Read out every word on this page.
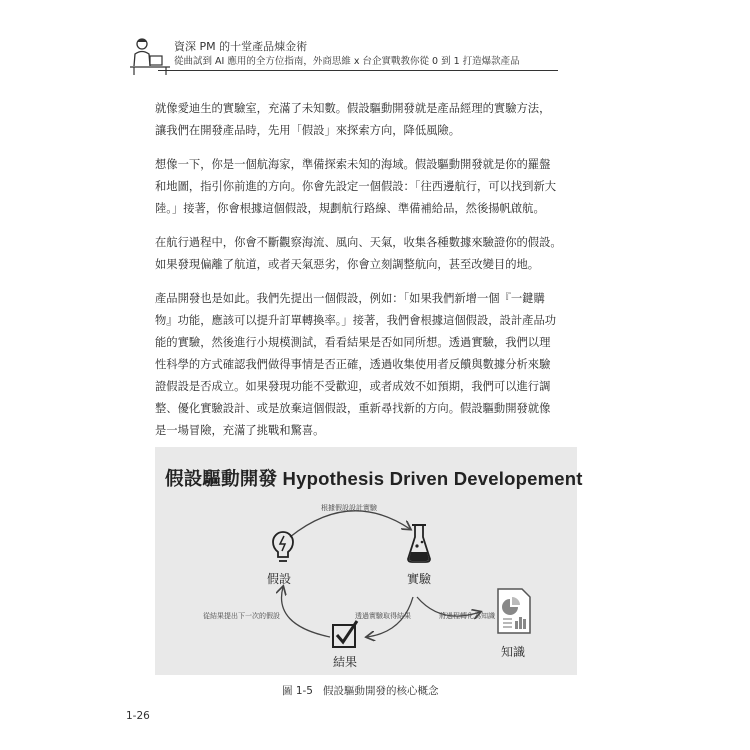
資深 PM 的十堂產品煉金術
從曲試到 AI 應用的全方位指南，外商思維 x 台企實戰教你從 0 到 1 打造爆款產品

就像愛迪生的實驗室，充滿了未知數。假設驅動開發就是產品經理的實驗方法，
讓我們在開發產品時，先用「假設」來探索方向，降低風險。

想像一下，你是一個航海家，準備探索未知的海域。假設驅動開發就是你的羅盤
和地圖，指引你前進的方向。你會先設定一個假設：「往西邊航行，可以找到新大
陸。」接著，你會根據這個假設，規劃航行路線、準備補給品，然後揚帆啟航。

在航行過程中，你會不斷觀察海流、風向、天氣，收集各種數據來驗證你的假設。
如果發現偏離了航道，或者天氣惡劣，你會立刻調整航向，甚至改變目的地。

產品開發也是如此。我們先提出一個假設，例如：「如果我們新增一個『一鍵購
物』功能，應該可以提升訂單轉換率。」接著，我們會根據這個假設，設計產品功
能的實驗，然後進行小規模測試，看看結果是否如同所想。透過實驗，我們以理
性科學的方式確認我們做得事情是否正確，透過收集使用者反饋與數據分析來驗
證假設是否成立。如果發現功能不受歡迎，或者成效不如預期，我們可以進行調
整、優化實驗設計、或是放棄這個假設，重新尋找新的方向。假設驅動開發就像
是一場冒險，充滿了挑戰和驚喜。

假設驅動開發 Hypothesis Driven Developement
根據假設設計實驗
從結果提出下一次的假設	透過實驗取得結果	將過程轉化為知識
假設	實驗
結果
知識
圖 1-5 假設驅動開發的核心概念
1-26
